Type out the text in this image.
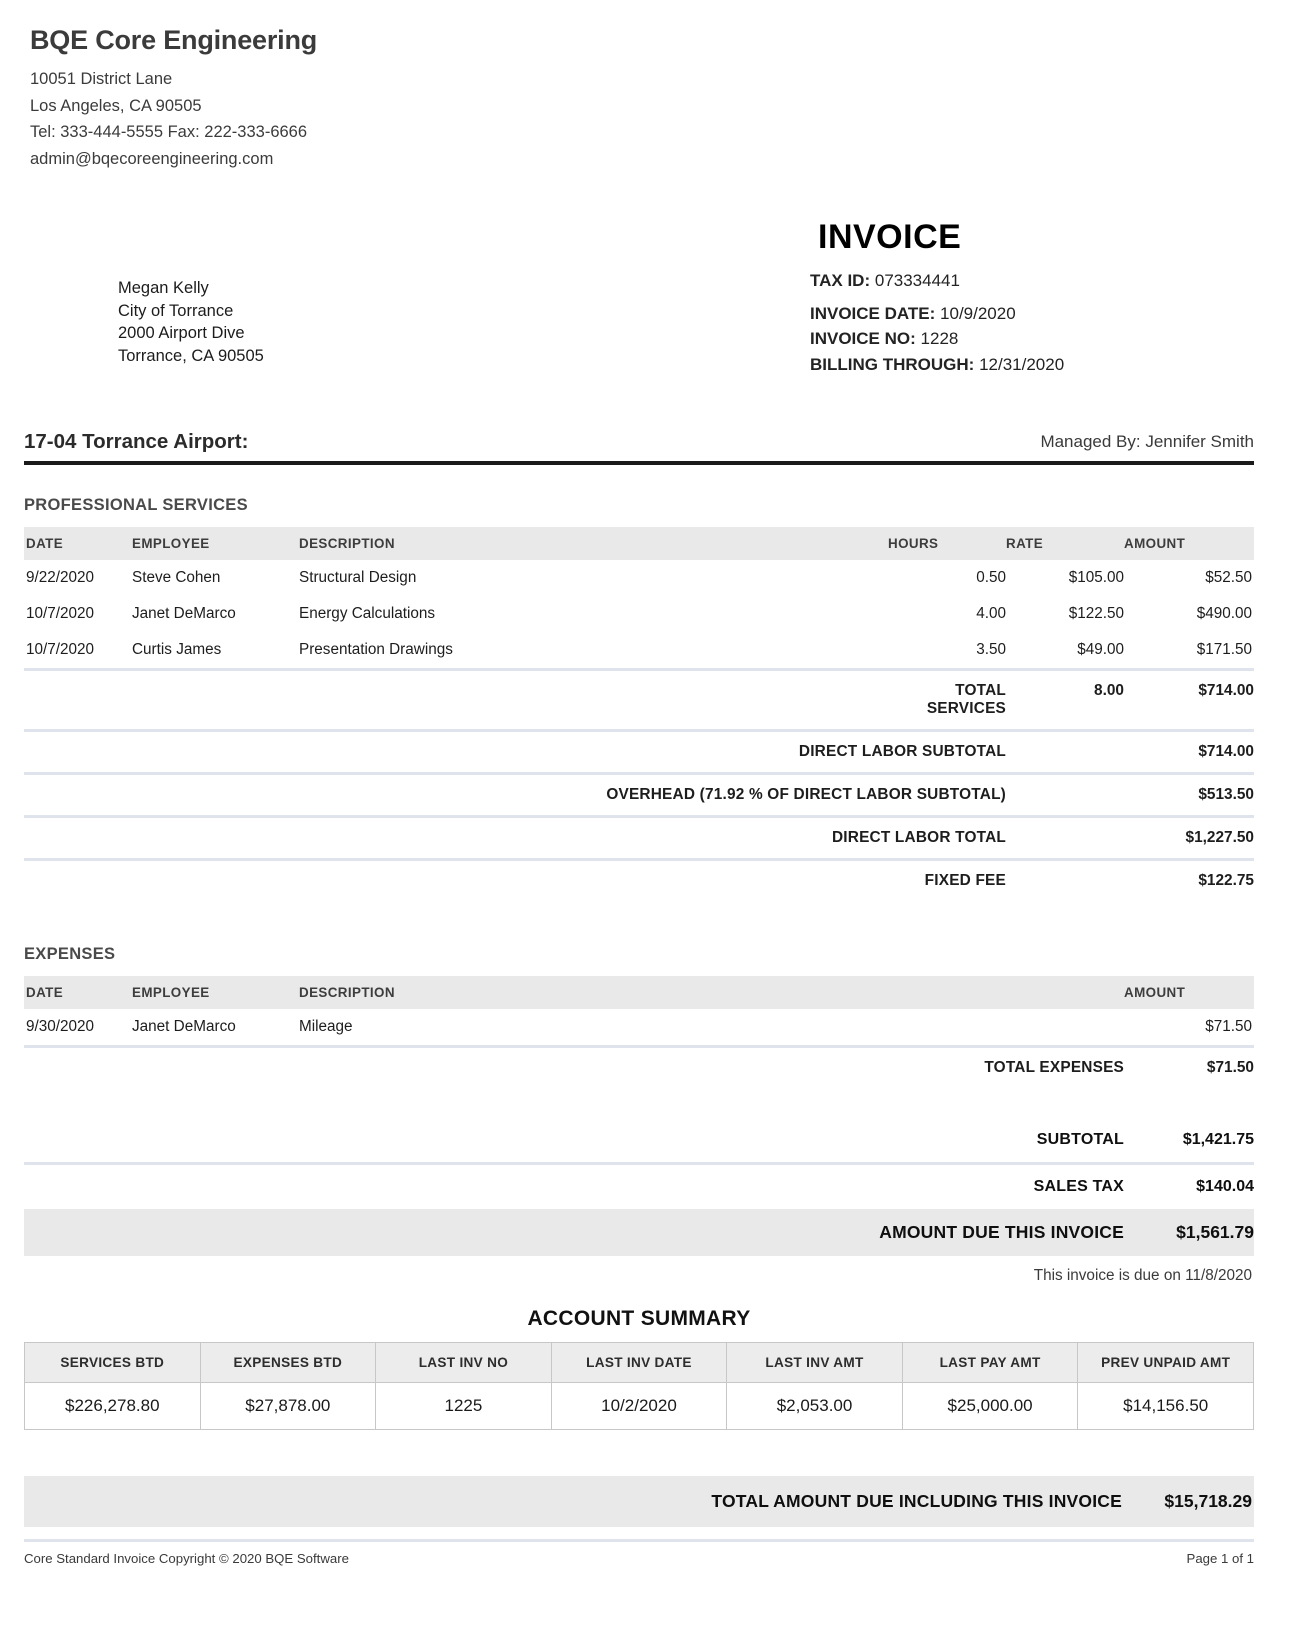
BQE Core Engineering
10051 District Lane
Los Angeles, CA 90505
Tel: 333-444-5555 Fax: 222-333-6666
admin@bqecoreengineering.com
INVOICE
TAX ID: 073334441
INVOICE DATE: 10/9/2020
INVOICE NO: 1228
BILLING THROUGH: 12/31/2020
Megan Kelly
City of Torrance
2000 Airport Dive
Torrance, CA 90505
17-04 Torrance Airport:	Managed By: Jennifer Smith
PROFESSIONAL SERVICES
DATE	EMPLOYEE	DESCRIPTION	HOURS	RATE	AMOUNT
9/22/2020	Steve Cohen	Structural Design	0.50	$105.00	$52.50
10/7/2020	Janet DeMarco	Energy Calculations	4.00	$122.50	$490.00
10/7/2020	Curtis James	Presentation Drawings	3.50	$49.00	$171.50
			TOTAL SERVICES	8.00	$714.00
DIRECT LABOR SUBTOTAL					$714.00
OVERHEAD (71.92 % OF DIRECT LABOR SUBTOTAL)					$513.50
DIRECT LABOR TOTAL					$1,227.50
FIXED FEE					$122.75
EXPENSES
DATE	EMPLOYEE	DESCRIPTION	AMOUNT
9/30/2020	Janet DeMarco	Mileage	$71.50
		TOTAL EXPENSES	$71.50
SUBTOTAL	$1,421.75
SALES TAX	$140.04
AMOUNT DUE THIS INVOICE	$1,561.79
This invoice is due on 11/8/2020
ACCOUNT SUMMARY
SERVICES BTD	EXPENSES BTD	LAST INV NO	LAST INV DATE	LAST INV AMT	LAST PAY AMT	PREV UNPAID AMT
$226,278.80	$27,878.00	1225	10/2/2020	$2,053.00	$25,000.00	$14,156.50
TOTAL AMOUNT DUE INCLUDING THIS INVOICE	$15,718.29
Core Standard Invoice Copyright © 2020 BQE Software	Page 1 of 1
